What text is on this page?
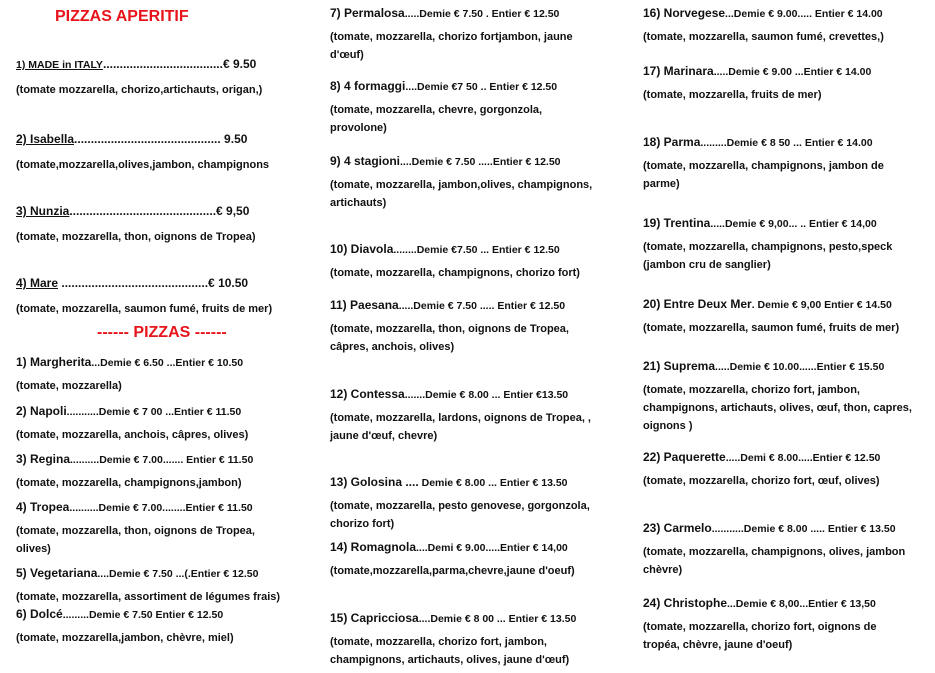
PIZZAS APERITIF
------ PIZZAS ------
1) MADE in ITALY....................................€ 9.50
(tomate mozzarella, chorizo,artichauts, origan,)
2) Isabella............................................ 9.50
(tomate,mozzarella,olives,jambon, champignons
3) Nunzia............................................€ 9,50
(tomate, mozzarella, thon, oignons de Tropea)
4) Mare ............................................€ 10.50
(tomate, mozzarella, saumon fumé, fruits de mer)
1) Margherita...Demie € 6.50 ...Entier € 10.50
(tomate, mozzarella)
2) Napoli...........Demie € 7 00 ...Entier € 11.50
(tomate, mozzarella, anchois, câpres, olives)
3) Regina..........Demie € 7.00....... Entier € 11.50
(tomate, mozzarella, champignons,jambon)
4) Tropea..........Demie € 7.00........Entier € 11.50
(tomate, mozzarella, thon, oignons de Tropea,
olives)
5) Vegetariana....Demie € 7.50 ...(.Entier € 12.50
(tomate, mozzarella, assortiment de légumes frais)
6) Dolcé.........Demie € 7.50 Entier € 12.50
(tomate, mozzarella,jambon, chèvre, miel)
7) Permalosa.....Demie € 7.50 . Entier € 12.50
(tomate, mozzarella, chorizo fortjambon, jaune
d'œuf)
8) 4 formaggi....Demie €7 50 .. Entier € 12.50
(tomate, mozzarella, chevre, gorgonzola,
provolone)
9) 4 stagioni....Demie € 7.50 .....Entier € 12.50
(tomate, mozzarella, jambon,olives, champignons,
artichauts)
10) Diavola........Demie €7.50 ... Entier € 12.50
(tomate, mozzarella, champignons, chorizo fort)
11) Paesana.....Demie € 7.50 ..... Entier € 12.50
(tomate, mozzarella, thon, oignons de Tropea,
câpres, anchois, olives)
12) Contessa.......Demie € 8.00 ... Entier €13.50
(tomate, mozzarella, lardons, oignons de Tropea, ,
jaune d'œuf, chevre)
13) Golosina .... Demie € 8.00 ... Entier € 13.50
(tomate, mozzarella, pesto genovese, gorgonzola,
chorizo fort)
14) Romagnola....Demi € 9.00.....Entier € 14,00
(tomate,mozzarella,parma,chevre,jaune d'oeuf)
15) Capricciosa....Demie € 8 00 ... Entier € 13.50
(tomate, mozzarella, chorizo fort, jambon,
champignons, artichauts, olives, jaune d'œuf)
16) Norvegese...Demie € 9.00..... Entier € 14.00
(tomate, mozzarella, saumon fumé, crevettes,)
17) Marinara.....Demie € 9.00 ...Entier € 14.00
(tomate, mozzarella, fruits de mer)
18) Parma.........Demie € 8 50 ... Entier € 14.00
(tomate, mozzarella, champignons, jambon de
parme)
19) Trentina.....Demie € 9,00... .. Entier € 14,00
(tomate, mozzarella, champignons, pesto,speck
(jambon cru de sanglier)
20) Entre Deux Mer. Demie € 9,00 Entier € 14.50
(tomate, mozzarella, saumon fumé, fruits de mer)
21) Suprema.....Demie € 10.00......Entier € 15.50
(tomate, mozzarella, chorizo fort, jambon,
champignons, artichauts, olives, œuf, thon, capres,
oignons )
22) Paquerette.....Demi € 8.00.....Entier € 12.50
(tomate, mozzarella, chorizo fort, œuf, olives)
23) Carmelo...........Demie € 8.00 ..... Entier € 13.50
(tomate, mozzarella, champignons, olives, jambon
chèvre)
24) Christophe...Demie € 8,00...Entier € 13,50
(tomate, mozzarella, chorizo fort, oignons de
tropéa, chèvre, jaune d'oeuf)
